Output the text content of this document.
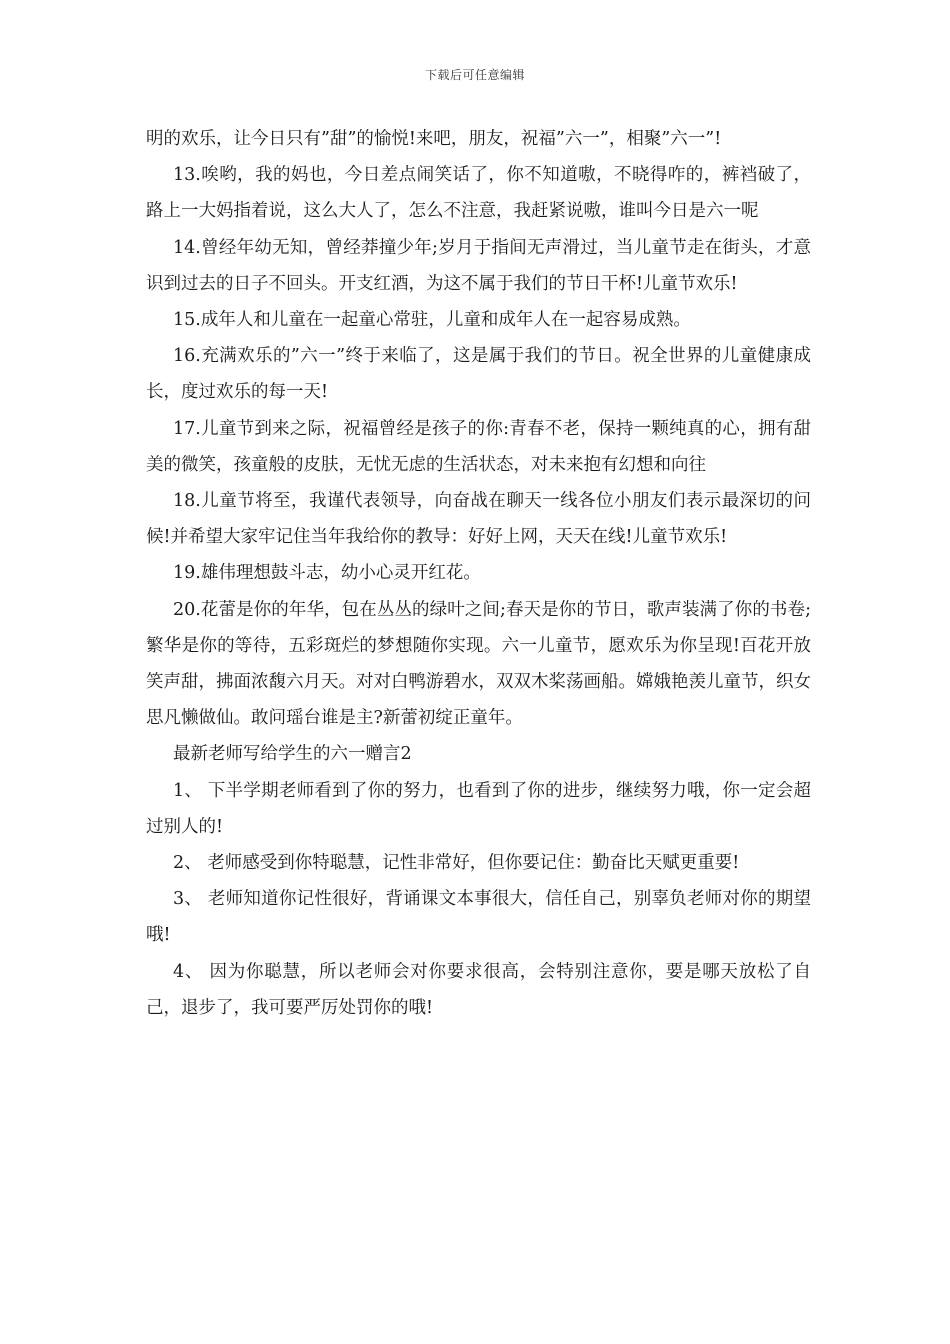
下载后可任意编辑

明的欢乐，让今日只有”甜”的愉悦!来吧，朋友，祝福”六一”，相聚”六一”!

13.唉哟，我的妈也，今日差点闹笑话了，你不知道嗷，不晓得咋的，裤裆破了，路上一大妈指着说，这么大人了，怎么不注意，我赶紧说嗷，谁叫今日是六一呢

14.曾经年幼无知，曾经莽撞少年;岁月于指间无声滑过，当儿童节走在街头，才意识到过去的日子不回头。开支红酒，为这不属于我们的节日干杯!儿童节欢乐!

15.成年人和儿童在一起童心常驻，儿童和成年人在一起容易成熟。

16.充满欢乐的”六一”终于来临了，这是属于我们的节日。祝全世界的儿童健康成长，度过欢乐的每一天!

17.儿童节到来之际，祝福曾经是孩子的你:青春不老，保持一颗纯真的心，拥有甜美的微笑，孩童般的皮肤，无忧无虑的生活状态，对未来抱有幻想和向往

18.儿童节将至，我谨代表领导，向奋战在聊天一线各位小朋友们表示最深切的问候!并希望大家牢记住当年我给你的教导：好好上网，天天在线!儿童节欢乐!

19.雄伟理想鼓斗志，幼小心灵开红花。

20.花蕾是你的年华，包在丛丛的绿叶之间;春天是你的节日，歌声装满了你的书卷;繁华是你的等待，五彩斑烂的梦想随你实现。六一儿童节，愿欢乐为你呈现!百花开放笑声甜，拂面浓馥六月天。对对白鸭游碧水，双双木桨荡画船。嫦娥艳羡儿童节，织女思凡懒做仙。敢问瑶台谁是主?新蕾初绽正童年。

最新老师写给学生的六一赠言2

1、 下半学期老师看到了你的努力，也看到了你的进步，继续努力哦，你一定会超过别人的!

2、 老师感受到你特聪慧，记性非常好，但你要记住：勤奋比天赋更重要!

3、 老师知道你记性很好，背诵课文本事很大，信任自己，别辜负老师对你的期望哦!

4、 因为你聪慧，所以老师会对你要求很高，会特别注意你，要是哪天放松了自己，退步了，我可要严厉处罚你的哦!
